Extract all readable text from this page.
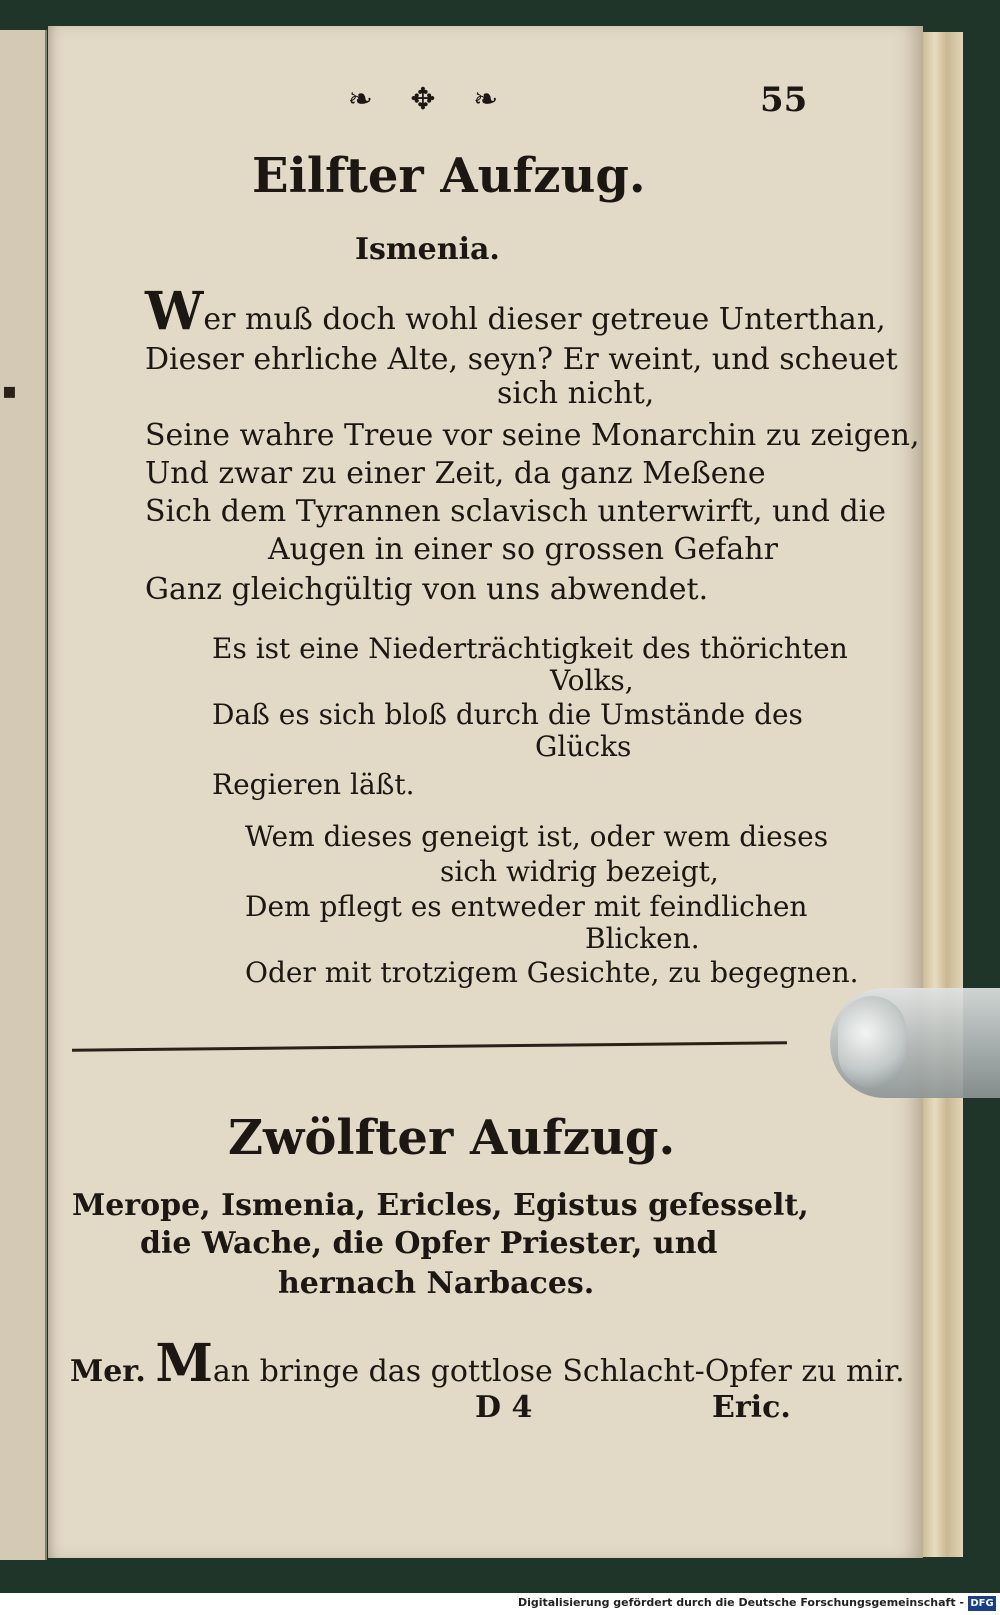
▪
❧ ✥ ❧	55
Eilfter Aufzug.
Ismenia.
Wer muß doch wohl dieser getreue Unterthan,
Dieser ehrliche Alte, seyn? Er weint, und scheuet
sich nicht,
Seine wahre Treue vor seine Monarchin zu zeigen,
Und zwar zu einer Zeit, da ganz Meßene
Sich dem Tyrannen sclavisch unterwirft, und die
Augen in einer so grossen Gefahr
Ganz gleichgültig von uns abwendet.
Es ist eine Niederträchtigkeit des thörichten
Volks,
Daß es sich bloß durch die Umstände des
Glücks
Regieren läßt.
Wem dieses geneigt ist, oder wem dieses
sich widrig bezeigt,
Dem pflegt es entweder mit feindlichen
Blicken.
Oder mit trotzigem Gesichte, zu begegnen.
Zwölfter Aufzug.
Merope, Ismenia, Ericles, Egistus gefesselt,
die Wache, die Opfer Priester, und
hernach Narbaces.
Mer. Man bringe das gottlose Schlacht-Opfer zu mir.
D 4	Eric.
Digitalisierung gefördert durch die Deutsche Forschungsgemeinschaft - DFG
